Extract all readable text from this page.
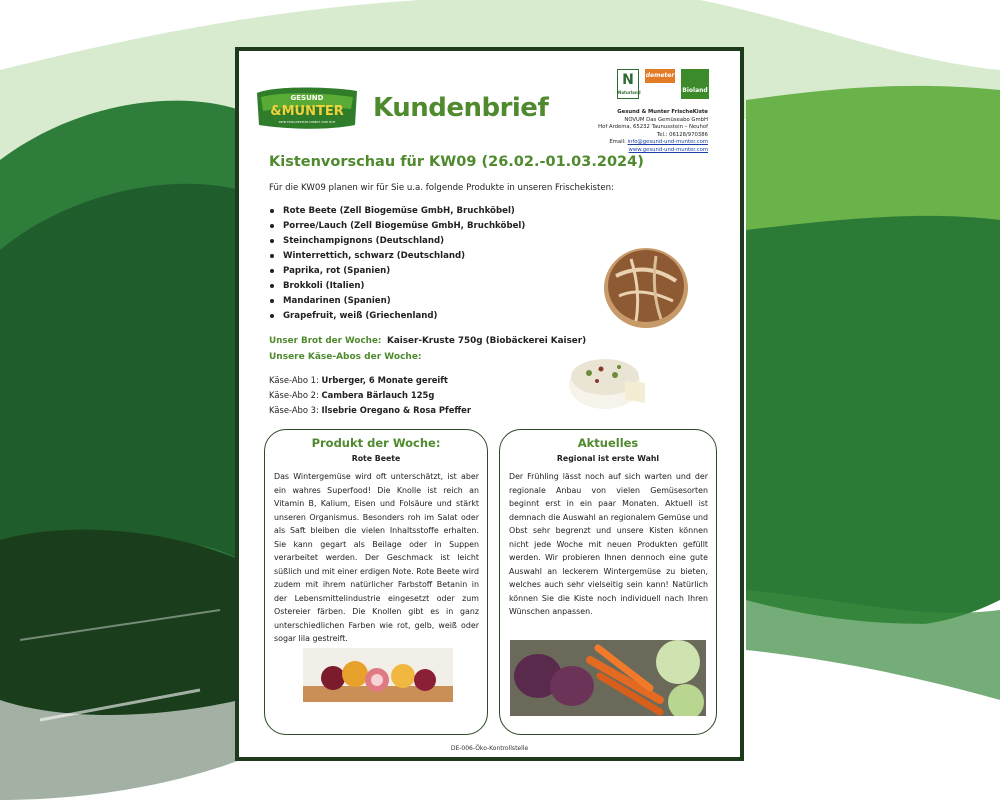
GESUND
&MUNTER
DEIN FRISCHEKISTE-DIREKT VOM HOF Kundenbrief
N
Naturland
demeter
Bioland
Gesund & Munter FrischeKiste
NOVUM Das Gemüseabo GmbH
Hof Ardema, 65232 Taunusstein – Neuhof
Tel.: 06128/970386
Email: info@gesund-und-munter.com
www.gesund-und-munter.com
Kistenvorschau für KW09 (26.02.-01.03.2024)
Für die KW09 planen wir für Sie u.a. folgende Produkte in unseren Frischekisten:
Rote Beete (Zell Biogemüse GmbH, Bruchköbel)
Porree/Lauch (Zell Biogemüse GmbH, Bruchköbel)
Steinchampignons (Deutschland)
Winterrettich, schwarz (Deutschland)
Paprika, rot (Spanien)
Brokkoli (Italien)
Mandarinen (Spanien)
Grapefruit, weiß (Griechenland)
Unser Brot der Woche: Kaiser-Kruste 750g (Biobäckerei Kaiser)
Unsere Käse-Abos der Woche:
Käse-Abo 1: Urberger, 6 Monate gereift
Käse-Abo 2: Cambera Bärlauch 125g
Käse-Abo 3: Ilsebrie Oregano & Rosa Pfeffer
Produkt der Woche:
Rote Beete
Das Wintergemüse wird oft unterschätzt, ist aber ein wahres Superfood! Die Knolle ist reich an Vitamin B, Kalium, Eisen und Folsäure und stärkt unseren Organismus. Besonders roh im Salat oder als Saft bleiben die vielen Inhaltsstoffe erhalten. Sie kann gegart als Beilage oder in Suppen verarbeitet werden. Der Geschmack ist leicht süßlich und mit einer erdigen Note. Rote Beete wird zudem mit ihrem natürlicher Farbstoff Betanin in der Lebensmittelindustrie eingesetzt oder zum Ostereier färben. Die Knollen gibt es in ganz unterschiedlichen Farben wie rot, gelb, weiß oder sogar lila gestreift.
Aktuelles
Regional ist erste Wahl
Der Frühling lässt noch auf sich warten und der regionale Anbau von vielen Gemüsesorten beginnt erst in ein paar Monaten. Aktuell ist demnach die Auswahl an regionalem Gemüse und Obst sehr begrenzt und unsere Kisten können nicht jede Woche mit neuen Produkten gefüllt werden. Wir probieren Ihnen dennoch eine gute Auswahl an leckerem Wintergemüse zu bieten, welches auch sehr vielseitig sein kann! Natürlich können Sie die Kiste noch individuell nach Ihren Wünschen anpassen.
DE-006-Öko-Kontrollstelle
